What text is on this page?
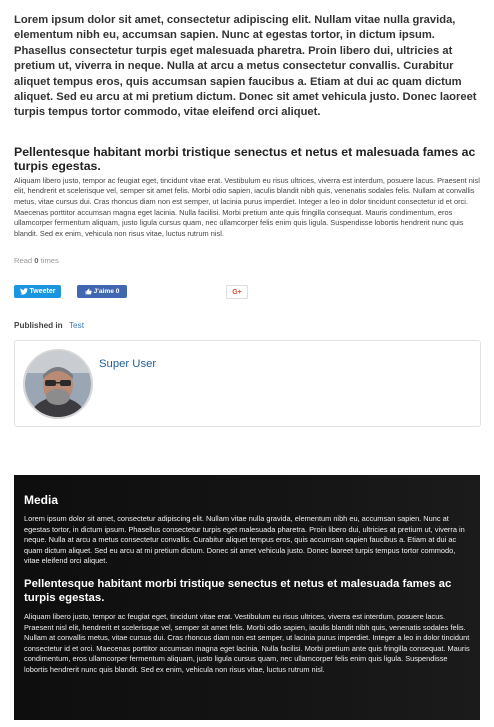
Lorem ipsum dolor sit amet, consectetur adipiscing elit. Nullam vitae nulla gravida, elementum nibh eu, accumsan sapien. Nunc at egestas tortor, in dictum ipsum. Phasellus consectetur turpis eget malesuada pharetra. Proin libero dui, ultricies at pretium ut, viverra in neque. Nulla at arcu a metus consectetur convallis. Curabitur aliquet tempus eros, quis accumsan sapien faucibus a. Etiam at dui ac quam dictum aliquet. Sed eu arcu at mi pretium dictum. Donec sit amet vehicula justo. Donec laoreet turpis tempus tortor commodo, vitae eleifend orci aliquet.

Pellentesque habitant morbi tristique senectus et netus et malesuada fames ac turpis egestas.

Aliquam libero justo, tempor ac feugiat eget, tincidunt vitae erat. Vestibulum eu risus ultrices, viverra est interdum, posuere lacus. Praesent nisl elit, hendrerit et scelerisque vel, semper sit amet felis. Morbi odio sapien, iaculis blandit nibh quis, venenatis sodales felis. Nullam at convallis metus, vitae cursus dui. Cras rhoncus diam non est semper, ut lacinia purus imperdiet. Integer a leo in dolor tincidunt consectetur id et orci. Maecenas porttitor accumsan magna eget lacinia. Nulla facilisi. Morbi pretium ante quis fringilla consequat. Mauris condimentum, eros ullamcorper fermentum aliquam, justo ligula cursus quam, nec ullamcorper felis enim quis ligula. Suspendisse lobortis hendrerit nunc quis blandit. Sed ex enim, vehicula non risus vitae, luctus rutrum nisl.

Read 0 times
Tweeter	J'aime 0	G+
Published in Test
Super User
Media

Lorem ipsum dolor sit amet, consectetur adipiscing elit. Nullam vitae nulla gravida, elementum nibh eu, accumsan sapien. Nunc at egestas tortor, in dictum ipsum. Phasellus consectetur turpis eget malesuada pharetra. Proin libero dui, ultricies at pretium ut, viverra in neque. Nulla at arcu a metus consectetur convallis. Curabitur aliquet tempus eros, quis accumsan sapien faucibus a. Etiam at dui ac quam dictum aliquet. Sed eu arcu at mi pretium dictum. Donec sit amet vehicula justo. Donec laoreet turpis tempus tortor commodo, vitae eleifend orci aliquet.

Pellentesque habitant morbi tristique senectus et netus et malesuada fames ac turpis egestas.

Aliquam libero justo, tempor ac feugiat eget, tincidunt vitae erat. Vestibulum eu risus ultrices, viverra est interdum, posuere lacus. Praesent nisl elit, hendrerit et scelerisque vel, semper sit amet felis. Morbi odio sapien, iaculis blandit nibh quis, venenatis sodales felis. Nullam at convallis metus, vitae cursus dui. Cras rhoncus diam non est semper, ut lacinia purus imperdiet. Integer a leo in dolor tincidunt consectetur id et orci. Maecenas porttitor accumsan magna eget lacinia. Nulla facilisi. Morbi pretium ante quis fringilla consequat. Mauris condimentum, eros ullamcorper fermentum aliquam, justo ligula cursus quam, nec ullamcorper felis enim quis ligula. Suspendisse lobortis hendrerit nunc quis blandit. Sed ex enim, vehicula non risus vitae, luctus rutrum nisl.
